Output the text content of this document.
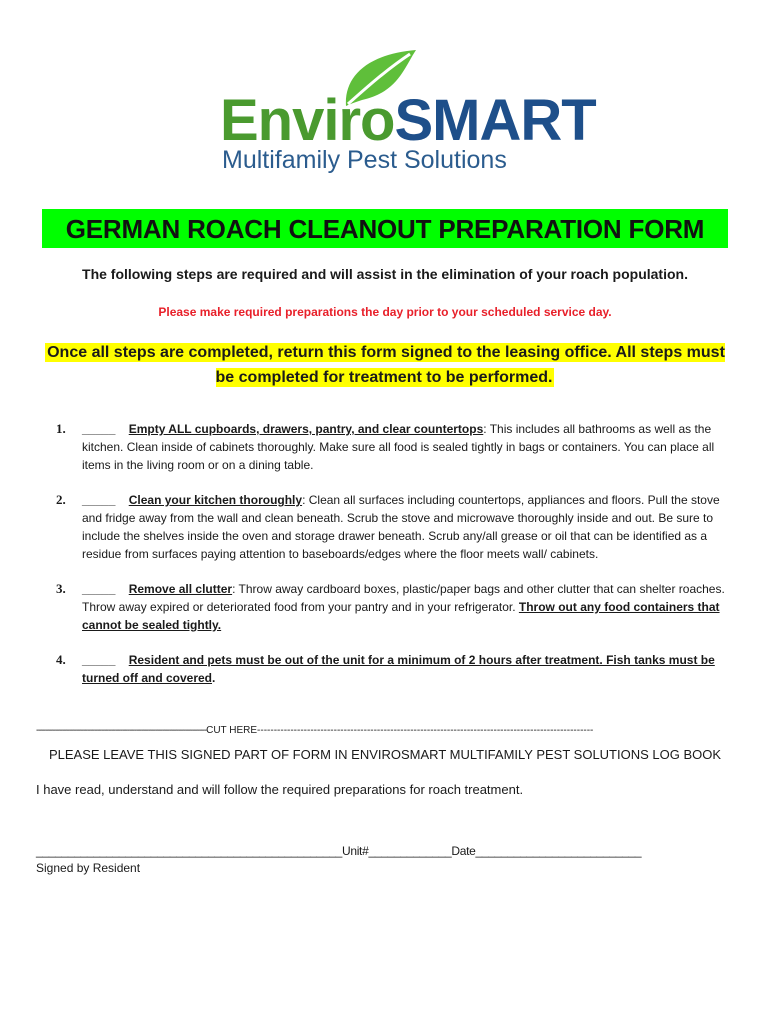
EnviroSMART
Multifamily Pest Solutions
GERMAN ROACH CLEANOUT PREPARATION FORM
The following steps are required and will assist in the elimination of your roach population.
Please make required preparations the day prior to your scheduled service day.
Once all steps are completed, return this form signed to the leasing office. All steps must be completed for treatment to be performed.
1. _____ Empty ALL cupboards, drawers, pantry, and clear countertops: This includes all bathrooms as well as the kitchen. Clean inside of cabinets thoroughly. Make sure all food is sealed tightly in bags or containers. You can place all items in the living room or on a dining table.
2. _____ Clean your kitchen thoroughly: Clean all surfaces including countertops, appliances and floors. Pull the stove and fridge away from the wall and clean beneath. Scrub the stove and microwave thoroughly inside and out. Be sure to include the shelves inside the oven and storage drawer beneath. Scrub any/all grease or oil that can be identified as a residue from surfaces paying attention to baseboards/edges where the floor meets wall/ cabinets.
3. _____ Remove all clutter: Throw away cardboard boxes, plastic/paper bags and other clutter that can shelter roaches. Throw away expired or deteriorated food from your pantry and in your refrigerator. Throw out any food containers that cannot be sealed tightly.
4. _____ Resident and pets must be out of the unit for a minimum of 2 hours after treatment. Fish tanks must be turned off and covered.
-------------------------------------------------------------------------CUT HERE-----------------------------------------------------------------------------------------------------
PLEASE LEAVE THIS SIGNED PART OF FORM IN ENVIROSMART MULTIFAMILY PEST SOLUTIONS LOG BOOK
I have read, understand and will follow the required preparations for roach treatment.
________________________________________________Unit#_____________Date__________________________
Signed by Resident
